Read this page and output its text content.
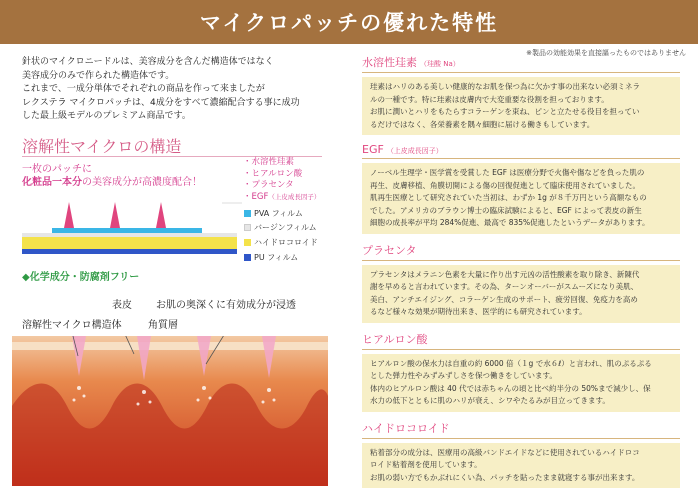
マイクロパッチの優れた特性
※製品の効能効果を直接謳ったものではありません
針状のマイクロニードルは、美容成分を含んだ構造体ではなく
美容成分のみで作られた構造体です。
これまで、一成分単体でそれぞれの商品を作って来ましたが
レクステラ マイクロパッチは、4成分をすべて濃縮配合する事に成功
した最上級モデルのプレミアム商品です。
溶解性マイクロの構造
一枚のパッチに
化粧品一本分の美容成分が高濃度配合！
・水溶性珪素
・ヒアルロン酸
・プラセンタ
・EGF（上皮成長因子）
PVA フィルム
バージンフィルム
ハイドロコロイド
PU フィルム
◆化学成分・防腐剤フリー
表皮 お肌の奥深くに有効成分が浸透
溶解性マイクロ構造体	角質層
水溶性珪素 （珪酸 Na）
珪素はハリのある美しい健康的なお肌を保つ為に欠かす事の出来ない必須ミネラ
ルの一種です。特に珪素は皮膚内で大変重要な役割を担っております。
お肌に潤いとハリをもたらすコラーゲンを束ね、ピンと立たせる役目を担ってい
るだけではなく、各栄養素を隅々細胞に届ける働きもしています。
EGF （上皮成長因子）
ノーベル生理学・医学賞を受賞した EGF は医療分野で火傷や傷などを負った肌の
再生、皮膚移植、角膜切開による傷の回復促進として臨床使用されていました。
肌再生医療として研究されていた当初は、わずか 1g が８千万円という高額なもの
でした。アメリカのブラウン博士の臨床試験によると、EGF によって表皮の新生
細胞の成長率が平均 284%促進、最高で 835%促進したというデータがあります。
プラセンタ
プラセンタはメラニン色素を大量に作り出す元凶の活性酸素を取り除き、新陳代
謝を早めると言われています。その為、ターンオーバーがスムーズになり美肌、
美白、アンチエイジング、コラーゲン生成のサポート、疲労回復、免疫力を高め
るなど様々な効果が期待出来き、医学的にも研究されています。
ヒアルロン酸
ヒアルロン酸の保水力は自重の約 6000 倍（１g で水６ℓ）と言われ、肌のぷるぷる
とした弾力性やみずみずしさを保つ働きをしています。
体内のヒアルロン酸は 40 代では赤ちゃんの頃と比べ約半分の 50%まで減少し、保
水力の低下とともに肌のハリが衰え、シワやたるみが目立ってきます。
ハイドロコロイド
粘着部分の成分は、医療用の高級バンドエイドなどに使用されているハイドロコ
ロイド粘着剤を使用しています。
お肌の弱い方でもかぶれにくい為、パッチを貼ったまま就寝する事が出来ます。
